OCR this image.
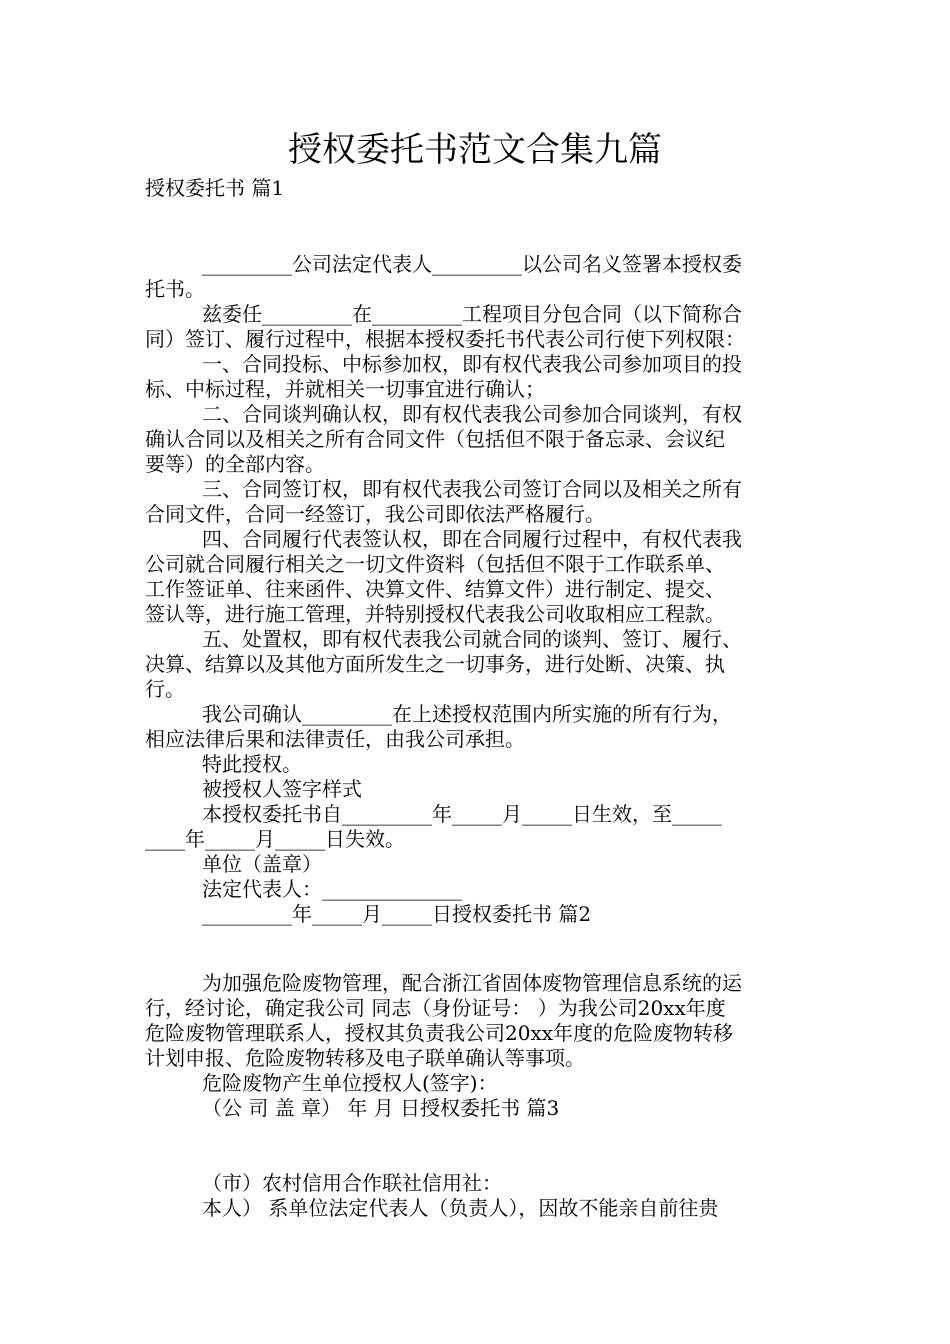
授权委托书范文合集九篇
授权委托书 篇1
_________公司法定代表人_________以公司名义签署本授权委
托书。
兹委任_________在_________工程项目分包合同（以下简称合
同）签订、履行过程中，根据本授权委托书代表公司行使下列权限：
一、合同投标、中标参加权，即有权代表我公司参加项目的投
标、中标过程，并就相关一切事宜进行确认；
二、合同谈判确认权，即有权代表我公司参加合同谈判，有权
确认合同以及相关之所有合同文件（包括但不限于备忘录、会议纪
要等）的全部内容。
三、合同签订权，即有权代表我公司签订合同以及相关之所有
合同文件，合同一经签订，我公司即依法严格履行。
四、合同履行代表签认权，即在合同履行过程中，有权代表我
公司就合同履行相关之一切文件资料（包括但不限于工作联系单、
工作签证单、往来函件、决算文件、结算文件）进行制定、提交、
签认等，进行施工管理，并特别授权代表我公司收取相应工程款。
五、处置权，即有权代表我公司就合同的谈判、签订、履行、
决算、结算以及其他方面所发生之一切事务，进行处断、决策、执
行。
我公司确认_________在上述授权范围内所实施的所有行为，
相应法律后果和法律责任，由我公司承担。
特此授权。
被授权人签字样式
本授权委托书自_________年_____月_____日生效，至_____
____年_____月_____日失效。
单位（盖章）
法定代表人：______________
_________年_____月_____日授权委托书 篇2
为加强危险废物管理，配合浙江省固体废物管理信息系统的运
行，经讨论，确定我公司 同志（身份证号： ）为我公司20xx年度
危险废物管理联系人，授权其负责我公司20xx年度的危险废物转移
计划申报、危险废物转移及电子联单确认等事项。
危险废物产生单位授权人(签字)：
（公 司 盖 章） 年 月 日授权委托书 篇3
（市）农村信用合作联社信用社：
本人） 系单位法定代表人（负责人），因故不能亲自前往贵
